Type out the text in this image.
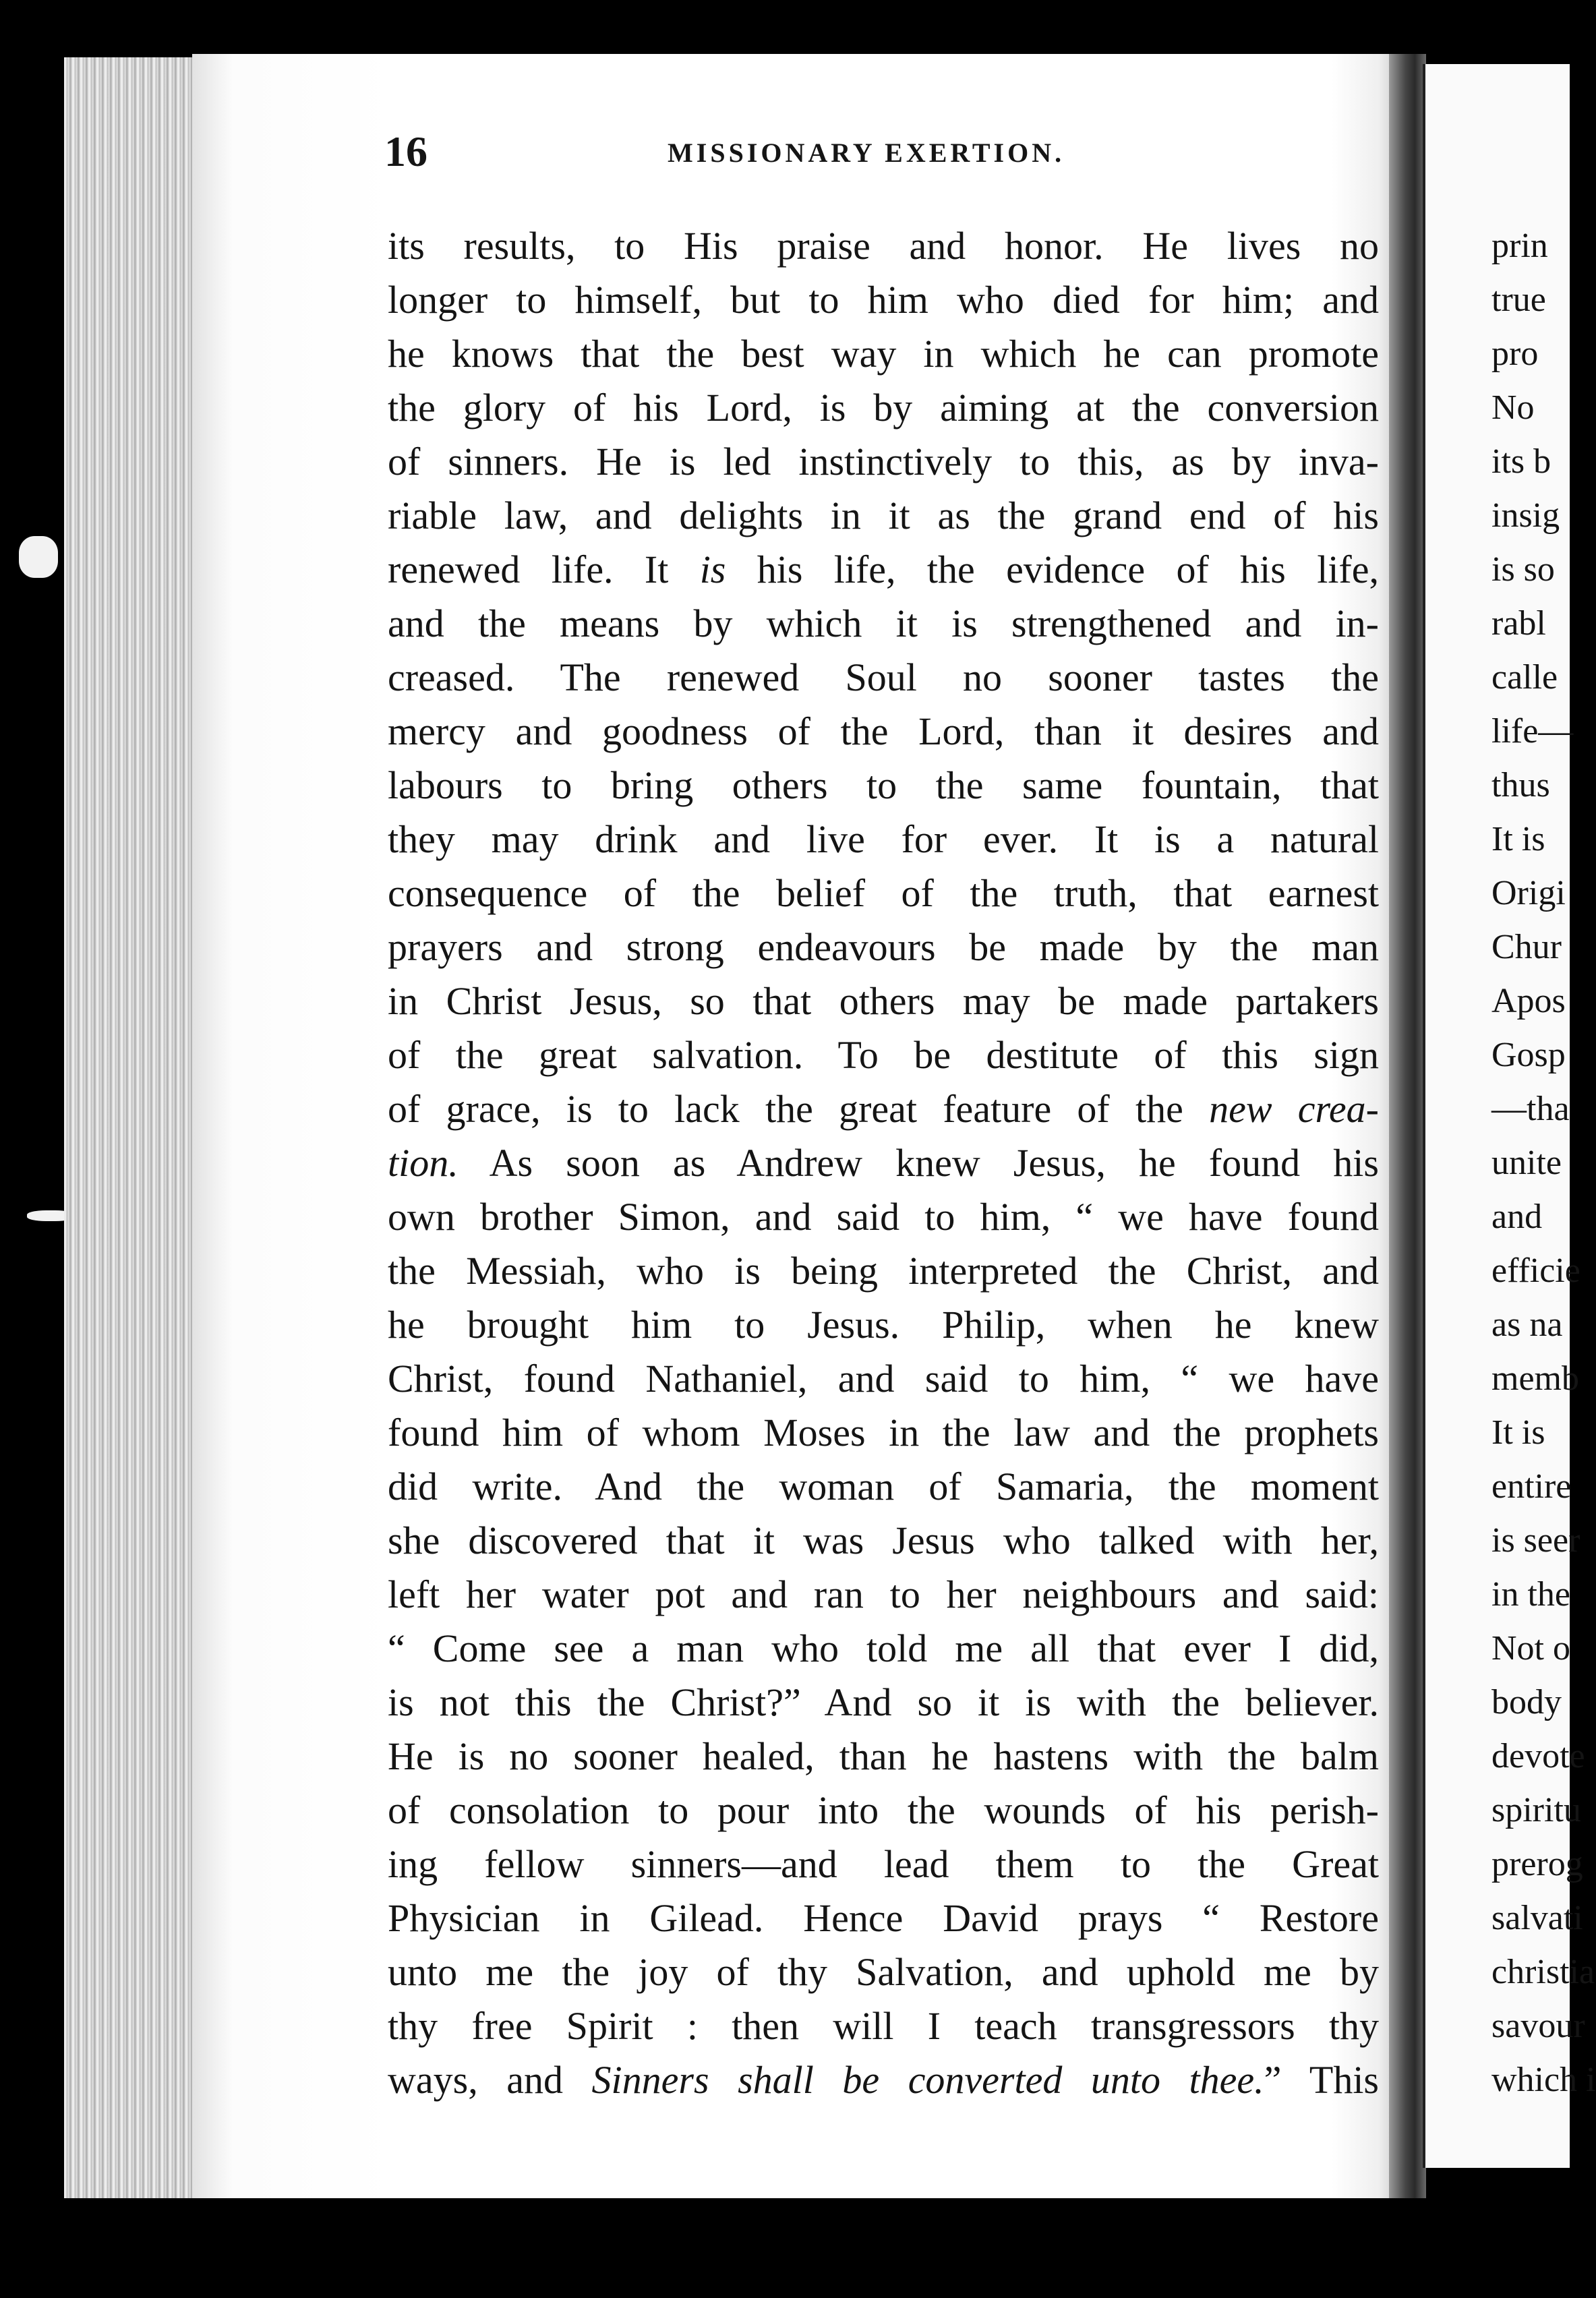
16	MISSIONARY EXERTION.
its results, to His praise and honor. He lives no
longer to himself, but to him who died for him; and
he knows that the best way in which he can promote
the glory of his Lord, is by aiming at the conversion
of sinners. He is led instinctively to this, as by inva-
riable law, and delights in it as the grand end of his
renewed life. It is his life, the evidence of his life,
and the means by which it is strengthened and in-
creased. The renewed Soul no sooner tastes the
mercy and goodness of the Lord, than it desires and
labours to bring others to the same fountain, that
they may drink and live for ever. It is a natural
consequence of the belief of the truth, that earnest
prayers and strong endeavours be made by the man
in Christ Jesus, so that others may be made partakers
of the great salvation. To be destitute of this sign
of grace, is to lack the great feature of the new crea-
tion. As soon as Andrew knew Jesus, he found his
own brother Simon, and said to him, “ we have found
the Messiah, who is being interpreted the Christ, and
he brought him to Jesus. Philip, when he knew
Christ, found Nathaniel, and said to him, “ we have
found him of whom Moses in the law and the prophets
did write. And the woman of Samaria, the moment
she discovered that it was Jesus who talked with her,
left her water pot and ran to her neighbours and said:
“ Come see a man who told me all that ever I did,
is not this the Christ?” And so it is with the believer.
He is no sooner healed, than he hastens with the balm
of consolation to pour into the wounds of his perish-
ing fellow sinners—and lead them to the Great
Physician in Gilead. Hence David prays “ Restore
unto me the joy of thy Salvation, and uphold me by
thy free Spirit : then will I teach transgressors thy
ways, and Sinners shall be converted unto thee.” This
prin
true
pro
No
its b
insig
is so
rabl
calle
life—
thus
It is
Origi
Chur
Apos
Gosp
—tha
unite
and
efficie
as na
memb
It is
entire
is seer
in the
Not o
body
devote
spiritu
prerog
salvati
christia
savour
which i
